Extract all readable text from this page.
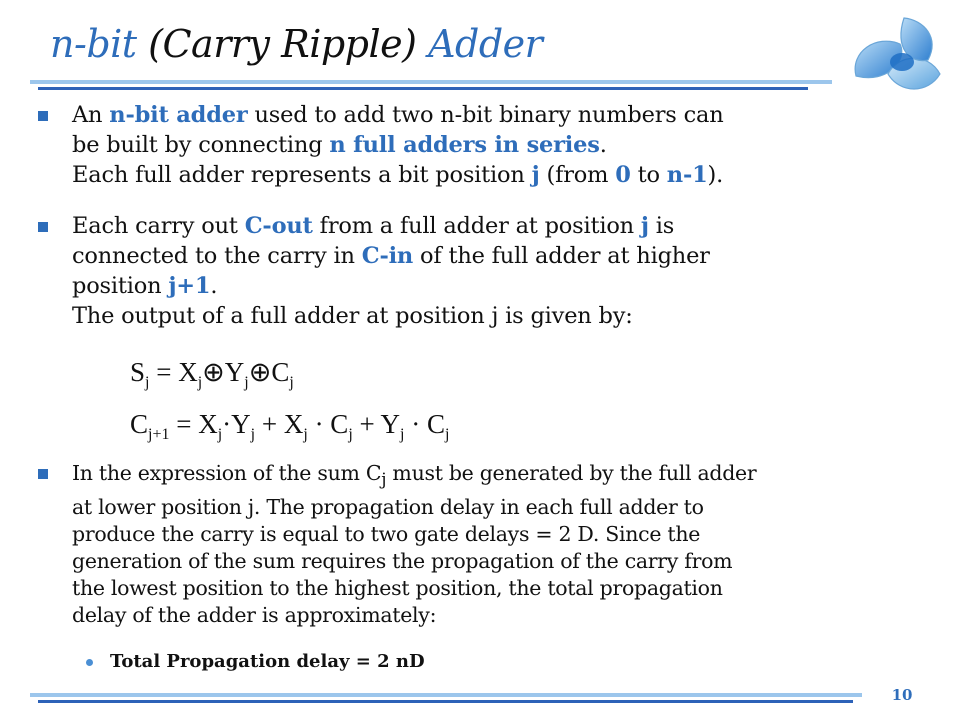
n-bit (Carry Ripple) Adder

An n-bit adder used to add two n-bit binary numbers can
be built by connecting n full adders in series.
Each full adder represents a bit position j (from 0 to n-1).

Each carry out C-out from a full adder at position j is
connected to the carry in C-in of the full adder at higher
position j+1.
The output of a full adder at position j is given by:

$S_j$ = $X_j\oplus Y_j\oplus C_j$

$C_{j+1} = X_j\cdot Y_j + X_j \cdot C_j + Y_j \cdot C_j$

In the expression of the sum $C_j$ must be generated by the full adder
at lower position j. The propagation delay in each full adder to
produce the carry is equal to two gate delays = 2 D. Since the
generation of the sum requires the propagation of the carry from
the lowest position to the highest position, the total propagation
delay of the adder is approximately:

Total Propagation delay = 2 nD

10
